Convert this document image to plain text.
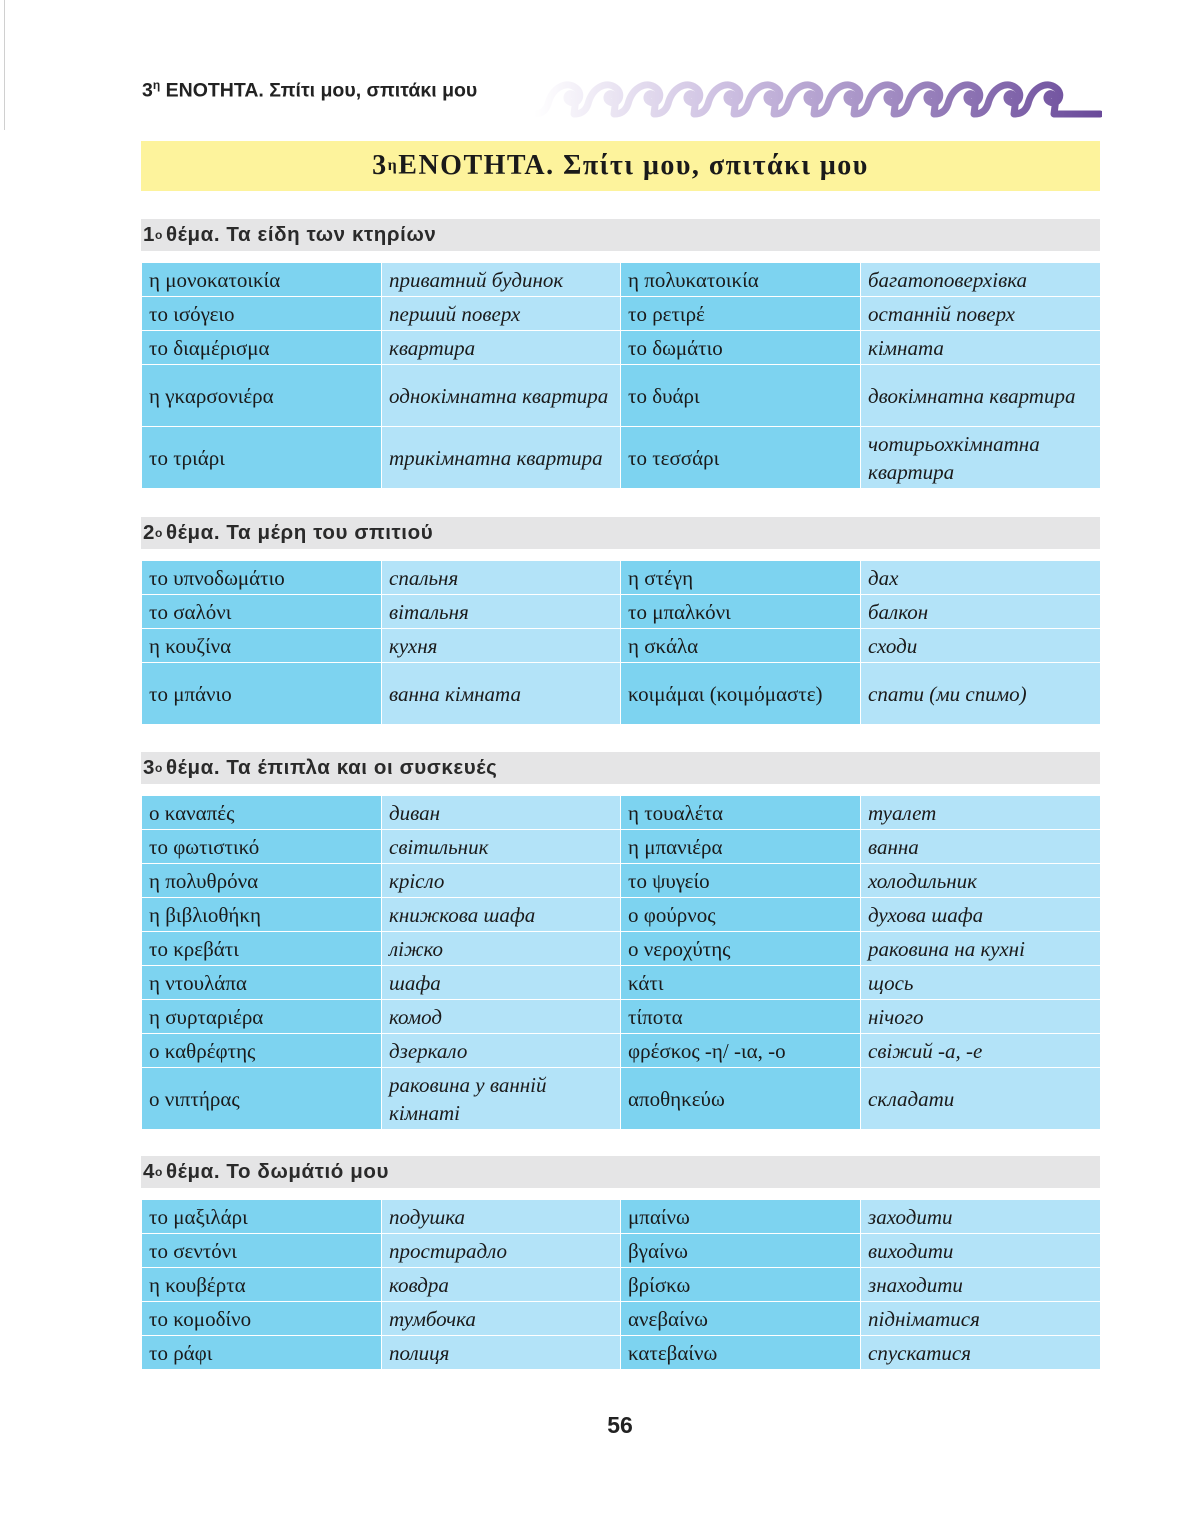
$3^\eta$ ΕΝΟΤΗΤΑ. Σπίτι μου, σπιτάκι μου
3 η ΕΝΟΤΗΤΑ. Σπίτι μου, σπιτάκι μου
1 ο θέμα. Τα είδη των κτηρίων
η μονοκατοικία	приватний будинок	η πολυκατοικία	багатоповерхівка
το ισόγειο	перший поверх	το ρετιρέ	останній поверх
το διαμέρισμα	квартира	το δωμάτιο	кімната
η γκαρσονιέρα	однокімнатна квартира	το δυάρι	двокімнатна квартира
το τριάρι	трикімнатна квартира	το τεσσάρι	чотирьохкімнатна квартира
2 ο θέμα. Τα μέρη του σπιτιού
το υπνοδωμάτιο	спальня	η στέγη	дах
το σαλόνι	вітальня	το μπαλκόνι	балкон
η κουζίνα	кухня	η σκάλα	сходи
το μπάνιο	ванна кімната	κοιμάμαι (κοιμόμαστε)	спати (ми спимо)
3 ο θέμα. Τα έπιπλα και οι συσκευές
ο καναπές	диван	η τουαλέτα	туалет
το φωτιστικό	світильник	η μπανιέρα	ванна
η πολυθρόνα	крісло	το ψυγείο	холодильник
η βιβλιοθήκη	книжкова шафа	ο φούρνος	духова шафа
το κρεβάτι	ліжко	ο νεροχύτης	раковина на кухні
η ντουλάπα	шафа	κάτι	щось
η συρταριέρα	комод	τίποτα	нічого
ο καθρέφτης	дзеркало	φρέσκος -η/ -ια, -ο	свіжий -а, -е
ο νιπτήρας	раковина у ванній кімнаті	αποθηκεύω	складати
4 ο θέμα. Το δωμάτιό μου
το μαξιλάρι	подушка	μπαίνω	заходити
το σεντόνι	простирадло	βγαίνω	виходити
η κουβέρτα	ковдра	βρίσκω	знаходити
το κομοδίνο	тумбочка	ανεβαίνω	підніматися
το ράφι	полиця	κατεβαίνω	спускатися
56
